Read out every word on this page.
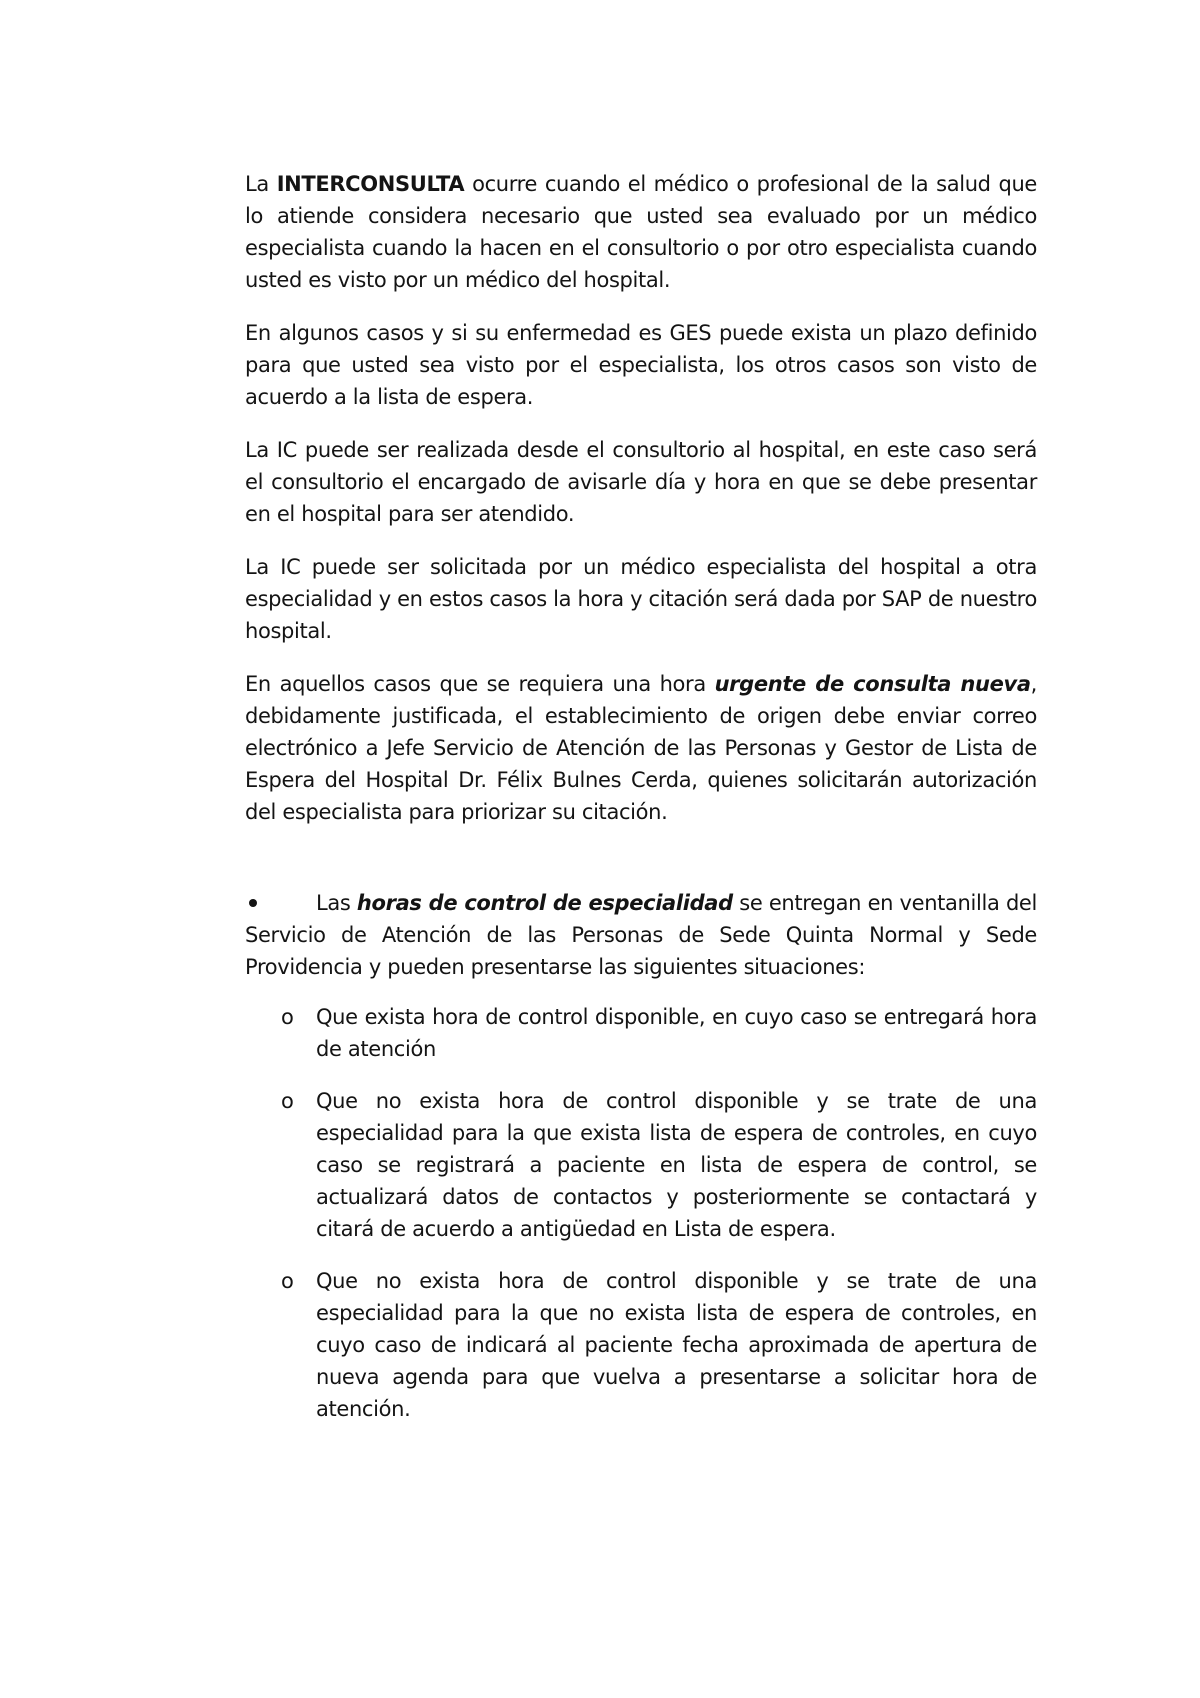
La INTERCONSULTA ocurre cuando el médico o profesional de la salud que lo atiende considera necesario que usted sea evaluado por un médico especialista cuando la hacen en el consultorio o por otro especialista cuando usted es visto por un médico del hospital.

En algunos casos y si su enfermedad es GES puede exista un plazo definido para que usted sea visto por el especialista, los otros casos son visto de acuerdo a la lista de espera.

La IC puede ser realizada desde el consultorio al hospital, en este caso será el consultorio el encargado de avisarle día y hora en que se debe presentar en el hospital para ser atendido.

La IC puede ser solicitada por un médico especialista del hospital a otra especialidad y en estos casos la hora y citación será dada por SAP de nuestro hospital.

En aquellos casos que se requiera una hora urgente de consulta nueva, debidamente justificada, el establecimiento de origen debe enviar correo electrónico a Jefe Servicio de Atención de las Personas y Gestor de Lista de Espera del Hospital Dr. Félix Bulnes Cerda, quienes solicitarán autorización del especialista para priorizar su citación.

Las horas de control de especialidad se entregan en ventanilla del Servicio de Atención de las Personas de Sede Quinta Normal y Sede Providencia y pueden presentarse las siguientes situaciones:

o Que exista hora de control disponible, en cuyo caso se entregará hora de atención
o Que no exista hora de control disponible y se trate de una especialidad para la que exista lista de espera de controles, en cuyo caso se registrará a paciente en lista de espera de control, se actualizará datos de contactos y posteriormente se contactará y citará de acuerdo a antigüedad en Lista de espera.
o Que no exista hora de control disponible y se trate de una especialidad para la que no exista lista de espera de controles, en cuyo caso de indicará al paciente fecha aproximada de apertura de nueva agenda para que vuelva a presentarse a solicitar hora de atención.
